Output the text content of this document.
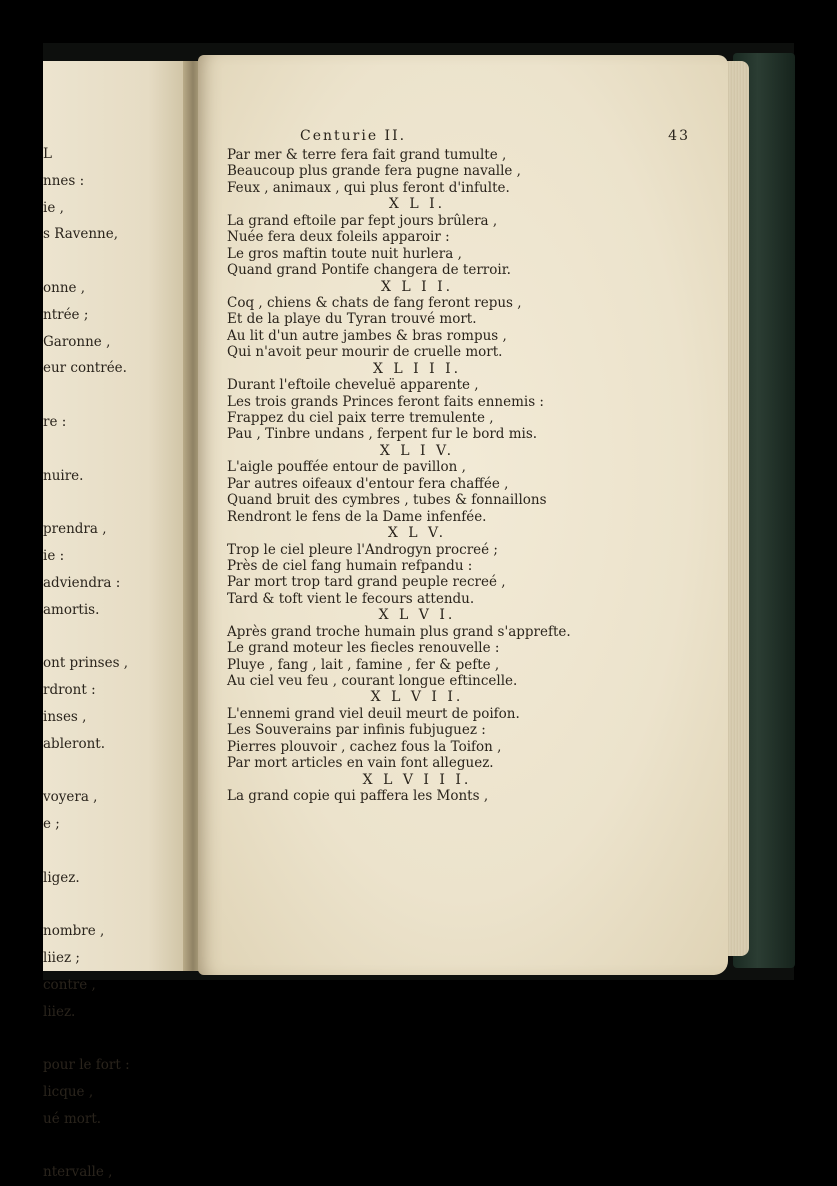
L
nnes :
ie ,
s Ravenne,
onne ,
ntrée ;
Garonne ,
eur contrée.
re :
nuire.
prendra ,
ie :
adviendra :
amortis.
ont prinses ,
rdront :
inses ,
ableront.
voyera ,
e ;
ligez.
nombre ,
liiez ;
contre ,
liiez.
pour le fort :
licque ,
ué mort.
ntervalle ,
Centurie II.	43
Par mer & terre fera fait grand tumulte ,
Beaucoup plus grande fera pugne navalle ,
Feux , animaux , qui plus feront d'infulte.
X L I.
La grand eftoile par fept jours brûlera ,
Nuée fera deux foleils apparoir :
Le gros maftin toute nuit hurlera ,
Quand grand Pontife changera de terroir.
X L I I.
Coq , chiens & chats de fang feront repus ,
Et de la playe du Tyran trouvé mort.
Au lit d'un autre jambes & bras rompus ,
Qui n'avoit peur mourir de cruelle mort.
X L I I I.
Durant l'eftoile cheveluë apparente ,
Les trois grands Princes feront faits ennemis :
Frappez du ciel paix terre tremulente ,
Pau , Tinbre undans , ferpent fur le bord mis.
X L I V.
L'aigle pouffée entour de pavillon ,
Par autres oifeaux d'entour fera chaffée ,
Quand bruit des cymbres , tubes & fonnaillons
Rendront le fens de la Dame infenfée.
X L V.
Trop le ciel pleure l'Androgyn procreé ;
Près de ciel fang humain refpandu :
Par mort trop tard grand peuple recreé ,
Tard & toft vient le fecours attendu.
X L V I.
Après grand troche humain plus grand s'apprefte.
Le grand moteur les fiecles renouvelle :
Pluye , fang , lait , famine , fer & pefte ,
Au ciel veu feu , courant longue eftincelle.
X L V I I.
L'ennemi grand viel deuil meurt de poifon.
Les Souverains par infinis fubjuguez :
Pierres plouvoir , cachez fous la Toifon ,
Par mort articles en vain font alleguez.
X L V I I I.
La grand copie qui paffera les Monts ,
